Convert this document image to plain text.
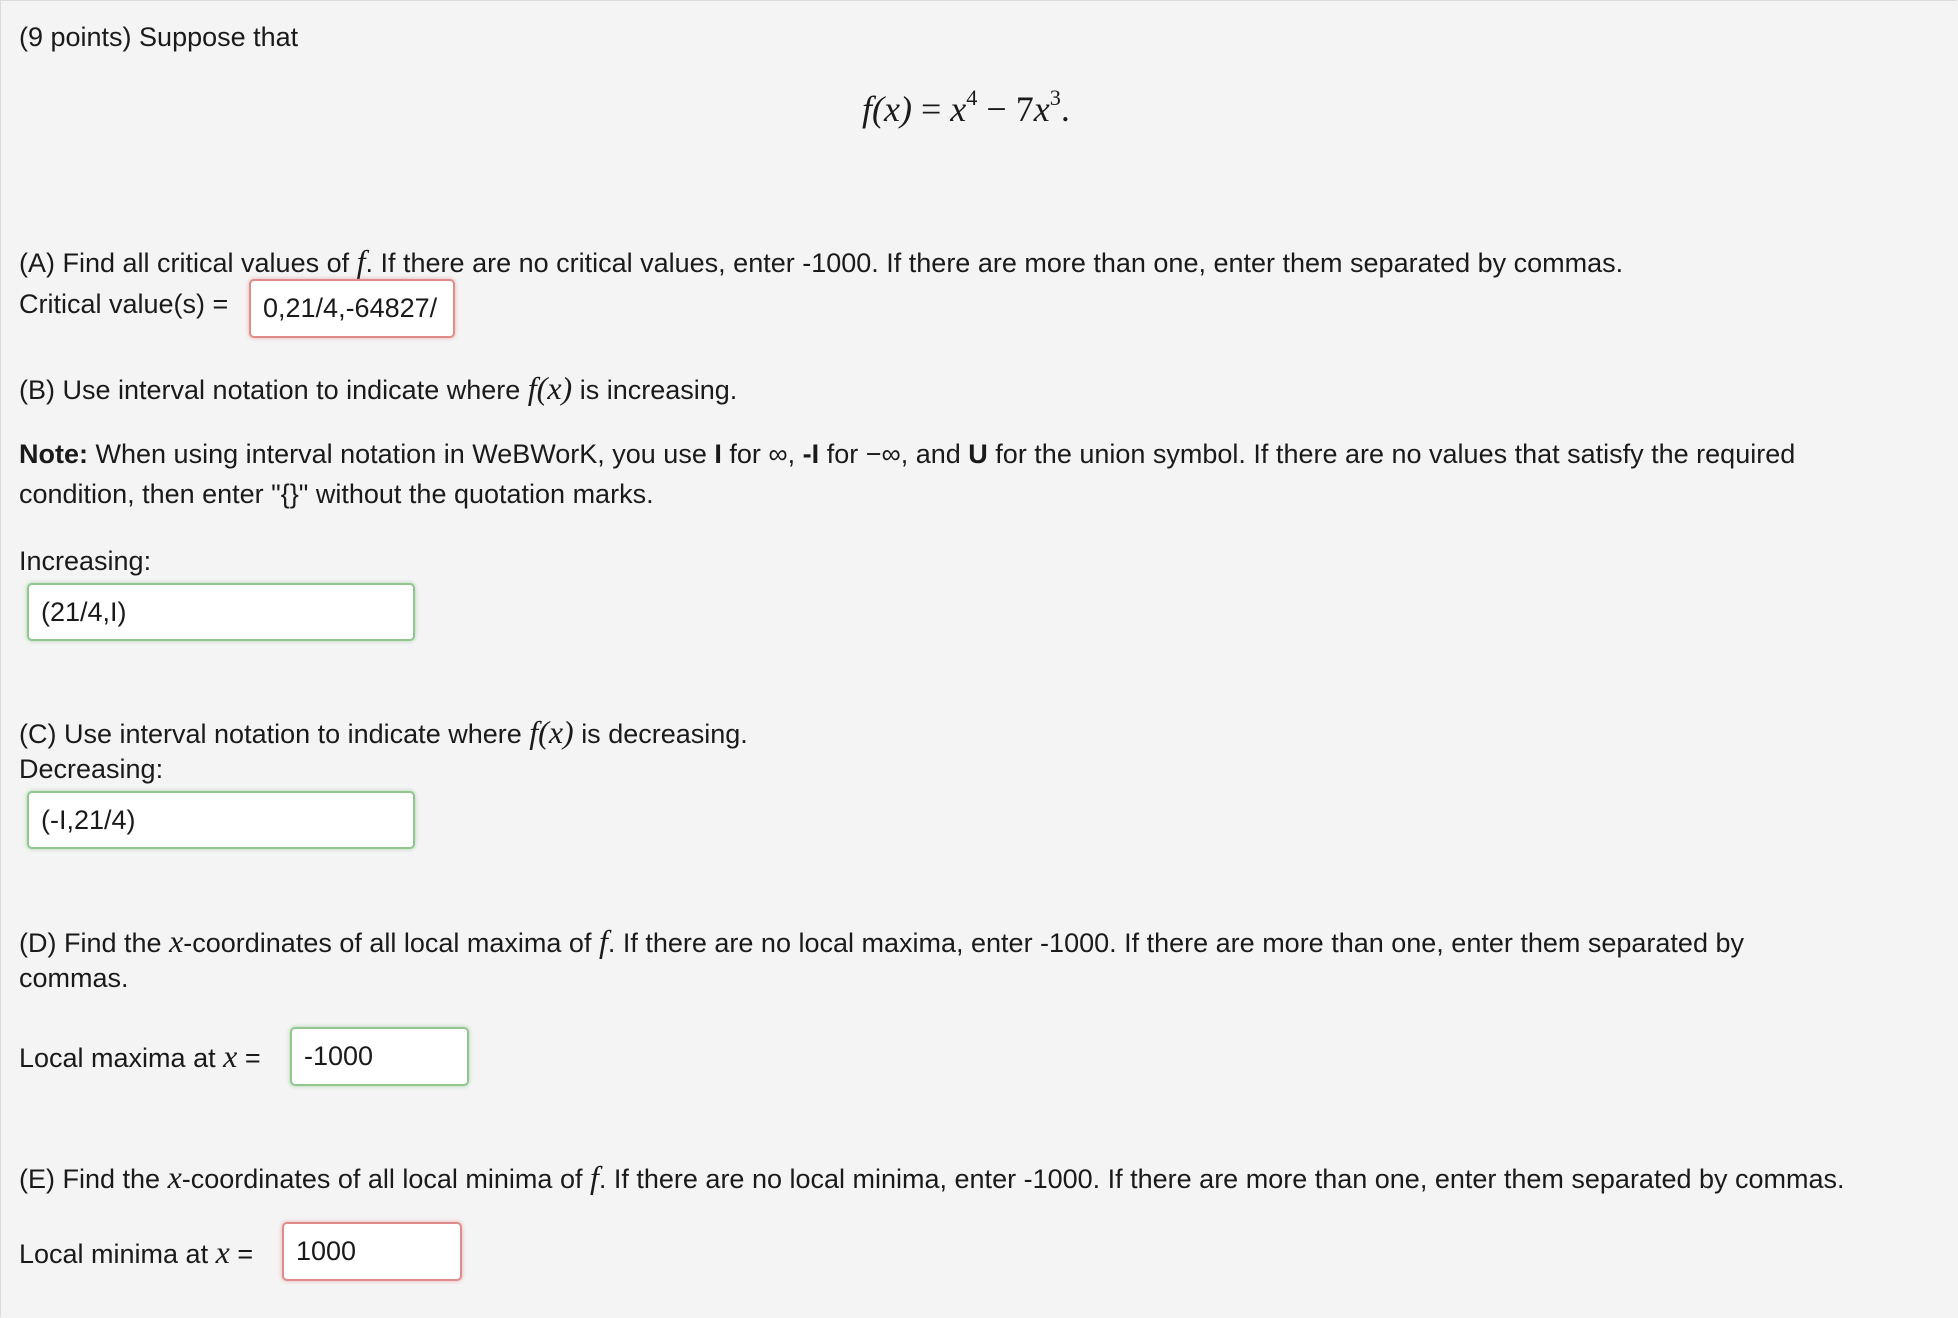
(9 points) Suppose that
$f(x) = x^4 - 7x^3$.
(A) Find all critical values of f. If there are no critical values, enter -1000. If there are more than one, enter them separated by commas.
Critical value(s) =	0,21/4,-64827/
(B) Use interval notation to indicate where f(x) is increasing.
Note: When using interval notation in WeBWorK, you use I for ∞, -I for −∞, and U for the union symbol. If there are no values that satisfy the required
condition, then enter "{}" without the quotation marks.
Increasing:
(21/4,I)
(C) Use interval notation to indicate where f(x) is decreasing.
Decreasing:
(-I,21/4)
(D) Find the x-coordinates of all local maxima of f. If there are no local maxima, enter -1000. If there are more than one, enter them separated by
commas.
Local maxima at x =	-1000
(E) Find the x-coordinates of all local minima of f. If there are no local minima, enter -1000. If there are more than one, enter them separated by commas.
Local minima at x =	1000
